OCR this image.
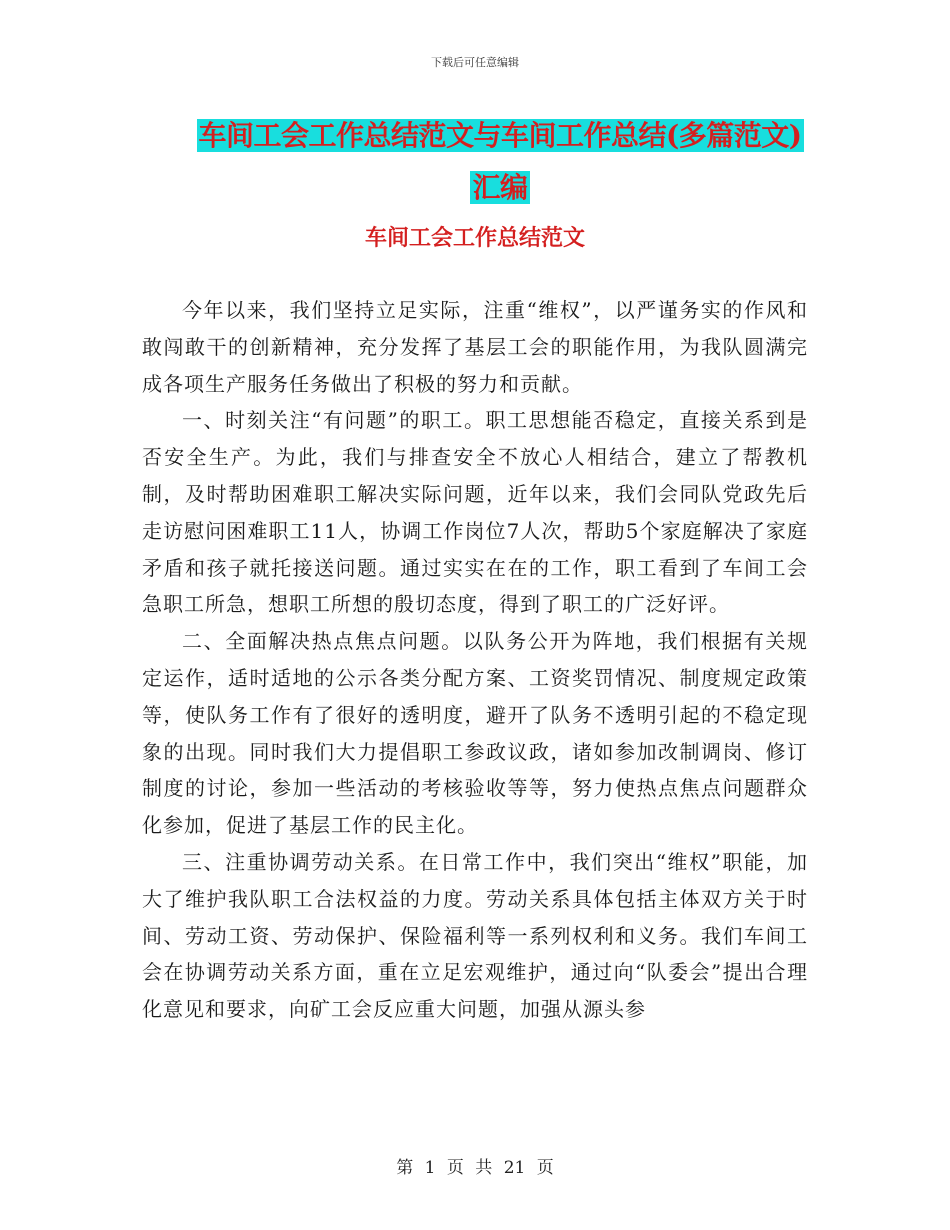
下载后可任意编辑
车间工会工作总结范文与车间工作总结(多篇范文)汇编
车间工会工作总结范文

今年以来，我们坚持立足实际，注重“维权”，以严谨务实的作风和敢闯敢干的创新精神，充分发挥了基层工会的职能作用，为我队圆满完成各项生产服务任务做出了积极的努力和贡献。

一、时刻关注“有问题”的职工。职工思想能否稳定，直接关系到是否安全生产。为此，我们与排查安全不放心人相结合，建立了帮教机制，及时帮助困难职工解决实际问题，近年以来，我们会同队党政先后走访慰问困难职工11人，协调工作岗位7人次，帮助5个家庭解决了家庭矛盾和孩子就托接送问题。通过实实在在的工作，职工看到了车间工会急职工所急，想职工所想的殷切态度，得到了职工的广泛好评。

二、全面解决热点焦点问题。以队务公开为阵地，我们根据有关规定运作，适时适地的公示各类分配方案、工资奖罚情况、制度规定政策等，使队务工作有了很好的透明度，避开了队务不透明引起的不稳定现象的出现。同时我们大力提倡职工参政议政，诸如参加改制调岗、修订制度的讨论，参加一些活动的考核验收等等，努力使热点焦点问题群众化参加，促进了基层工作的民主化。

三、注重协调劳动关系。在日常工作中，我们突出“维权”职能，加大了维护我队职工合法权益的力度。劳动关系具体包括主体双方关于时间、劳动工资、劳动保护、保险福利等一系列权利和义务。我们车间工会在协调劳动关系方面，重在立足宏观维护，通过向“队委会”提出合理化意见和要求，向矿工会反应重大问题，加强从源头参

第 1 页 共 21 页
